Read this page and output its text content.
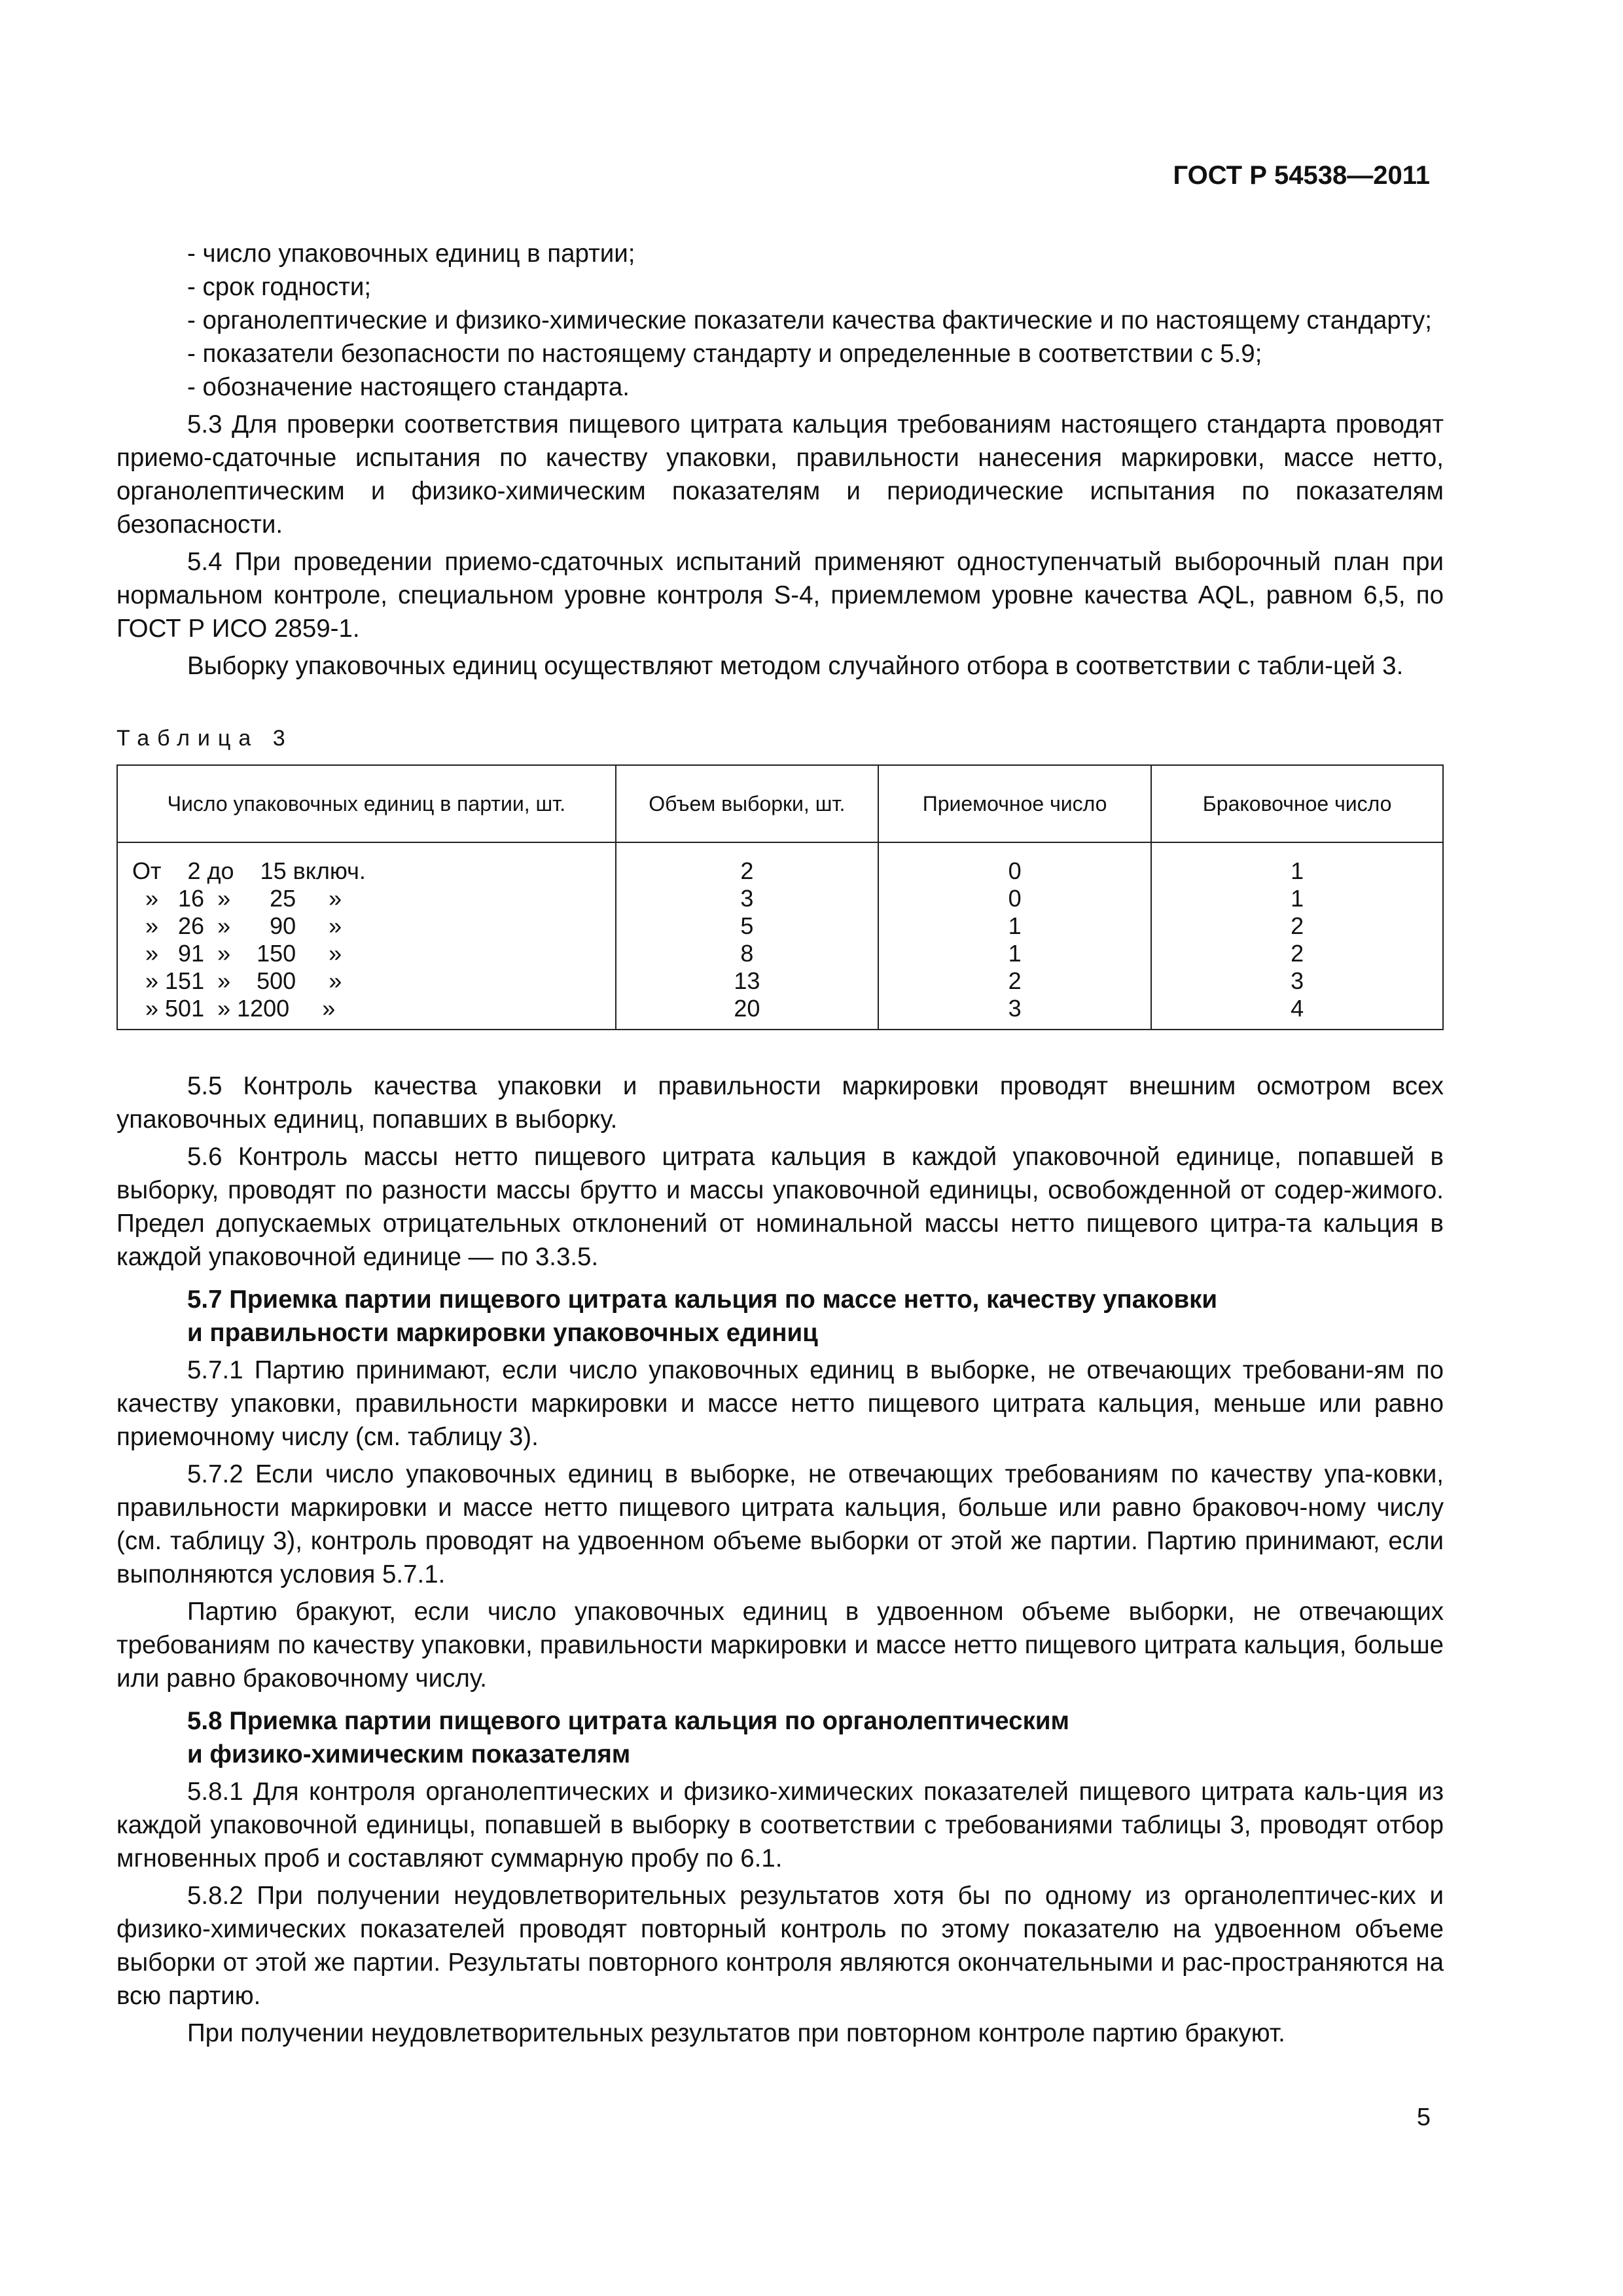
ГОСТ Р 54538—2011

- число упаковочных единиц в партии;

- срок годности;

- органолептические и физико-химические показатели качества фактические и по настоящему стандарту;

- показатели безопасности по настоящему стандарту и определенные в соответствии с 5.9;

- обозначение настоящего стандарта.

5.3 Для проверки соответствия пищевого цитрата кальция требованиям настоящего стандарта проводят приемо-сдаточные испытания по качеству упаковки, правильности нанесения маркировки, массе нетто, органолептическим и физико-химическим показателям и периодические испытания по показателям безопасности.

5.4 При проведении приемо-сдаточных испытаний применяют одноступенчатый выборочный план при нормальном контроле, специальном уровне контроля S-4, приемлемом уровне качества AQL, равном 6,5, по ГОСТ Р ИСО 2859-1.

Выборку упаковочных единиц осуществляют методом случайного отбора в соответствии с табли-цей 3.

Таблица 3
Число упаковочных единиц в партии, шт.	Объем выборки, шт.	Приемочное число	Браковочное число
От    2 до    15 включ.	2	0	1
»   16  »      25     »	3	0	1
»   26  »      90     »	5	1	2
»   91  »    150     »	8	1	2
» 151  »    500     »	13	2	3
» 501  » 1200     »	20	3	4

5.5 Контроль качества упаковки и правильности маркировки проводят внешним осмотром всех упаковочных единиц, попавших в выборку.

5.6 Контроль массы нетто пищевого цитрата кальция в каждой упаковочной единице, попавшей в выборку, проводят по разности массы брутто и массы упаковочной единицы, освобожденной от содер-жимого. Предел допускаемых отрицательных отклонений от номинальной массы нетто пищевого цитра-та кальция в каждой упаковочной единице — по 3.3.5.

5.7 Приемка партии пищевого цитрата кальция по массе нетто, качеству упаковки
и правильности маркировки упаковочных единиц

5.7.1 Партию принимают, если число упаковочных единиц в выборке, не отвечающих требовани-ям по качеству упаковки, правильности маркировки и массе нетто пищевого цитрата кальция, меньше или равно приемочному числу (см. таблицу 3).

5.7.2 Если число упаковочных единиц в выборке, не отвечающих требованиям по качеству упа-ковки, правильности маркировки и массе нетто пищевого цитрата кальция, больше или равно браковоч-ному числу (см. таблицу 3), контроль проводят на удвоенном объеме выборки от этой же партии. Партию принимают, если выполняются условия 5.7.1.

Партию бракуют, если число упаковочных единиц в удвоенном объеме выборки, не отвечающих требованиям по качеству упаковки, правильности маркировки и массе нетто пищевого цитрата кальция, больше или равно браковочному числу.

5.8 Приемка партии пищевого цитрата кальция по органолептическим
и физико-химическим показателям

5.8.1 Для контроля органолептических и физико-химических показателей пищевого цитрата каль-ция из каждой упаковочной единицы, попавшей в выборку в соответствии с требованиями таблицы 3, проводят отбор мгновенных проб и составляют суммарную пробу по 6.1.

5.8.2 При получении неудовлетворительных результатов хотя бы по одному из органолептичес-ких и физико-химических показателей проводят повторный контроль по этому показателю на удвоенном объеме выборки от этой же партии. Результаты повторного контроля являются окончательными и рас-пространяются на всю партию.

При получении неудовлетворительных результатов при повторном контроле партию бракуют.

5
